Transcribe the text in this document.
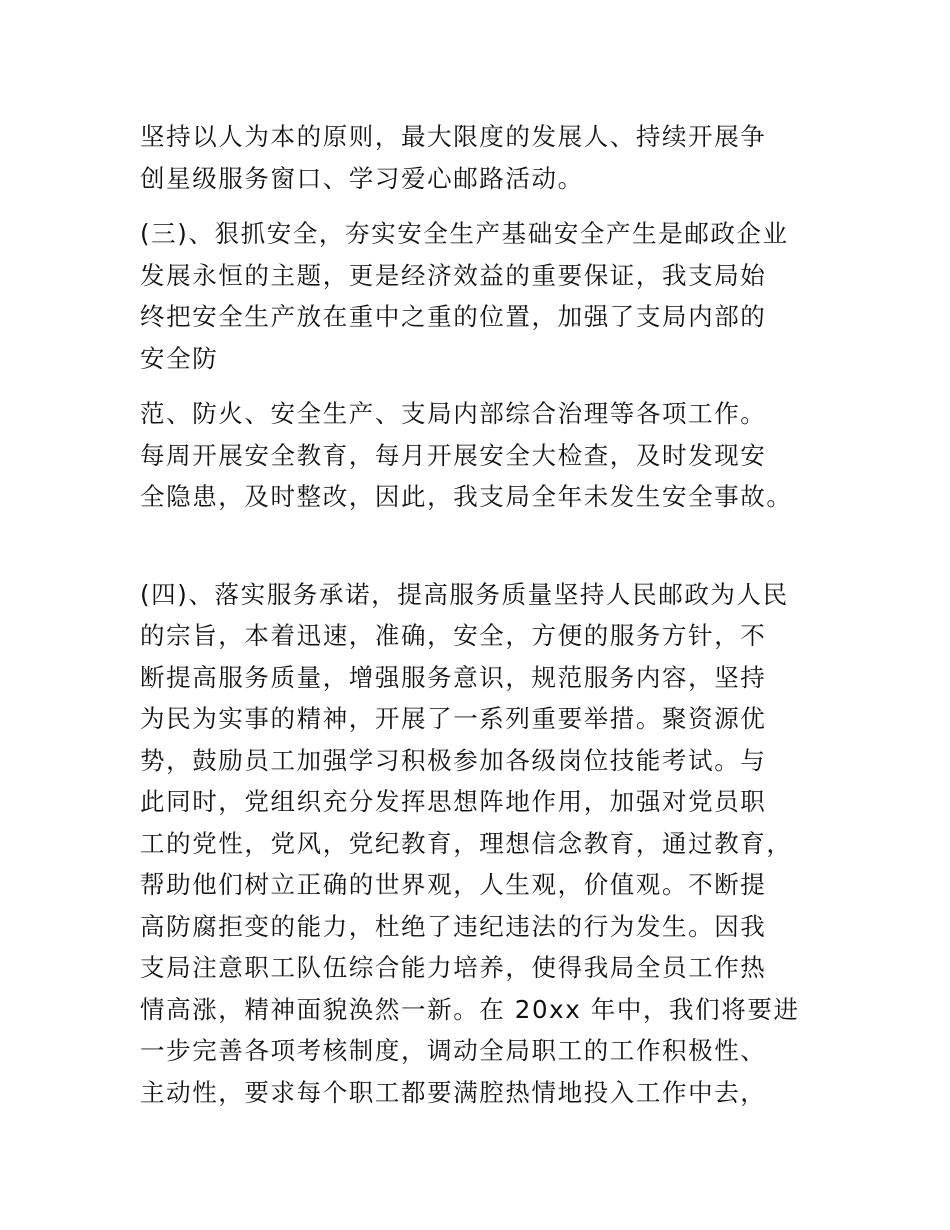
坚持以人为本的原则，最大限度的发展人、持续开展争
创星级服务窗口、学习爱心邮路活动。

(三)、狠抓安全，夯实安全生产基础安全产生是邮政企业
发展永恒的主题，更是经济效益的重要保证，我支局始
终把安全生产放在重中之重的位置，加强了支局内部的
安全防

范、防火、安全生产、支局内部综合治理等各项工作。
每周开展安全教育，每月开展安全大检查，及时发现安
全隐患，及时整改，因此，我支局全年未发生安全事故。

(四)、落实服务承诺，提高服务质量坚持人民邮政为人民
的宗旨，本着迅速，准确，安全，方便的服务方针，不
断提高服务质量，增强服务意识，规范服务内容，坚持
为民为实事的精神，开展了一系列重要举措。聚资源优
势，鼓励员工加强学习积极参加各级岗位技能考试。与
此同时，党组织充分发挥思想阵地作用，加强对党员职
工的党性，党风，党纪教育，理想信念教育，通过教育，
帮助他们树立正确的世界观，人生观，价值观。不断提
高防腐拒变的能力，杜绝了违纪违法的行为发生。因我
支局注意职工队伍综合能力培养，使得我局全员工作热
情高涨，精神面貌涣然一新。在 20xx 年中，我们将要进
一步完善各项考核制度，调动全局职工的工作积极性、
主动性，要求每个职工都要满腔热情地投入工作中去，
